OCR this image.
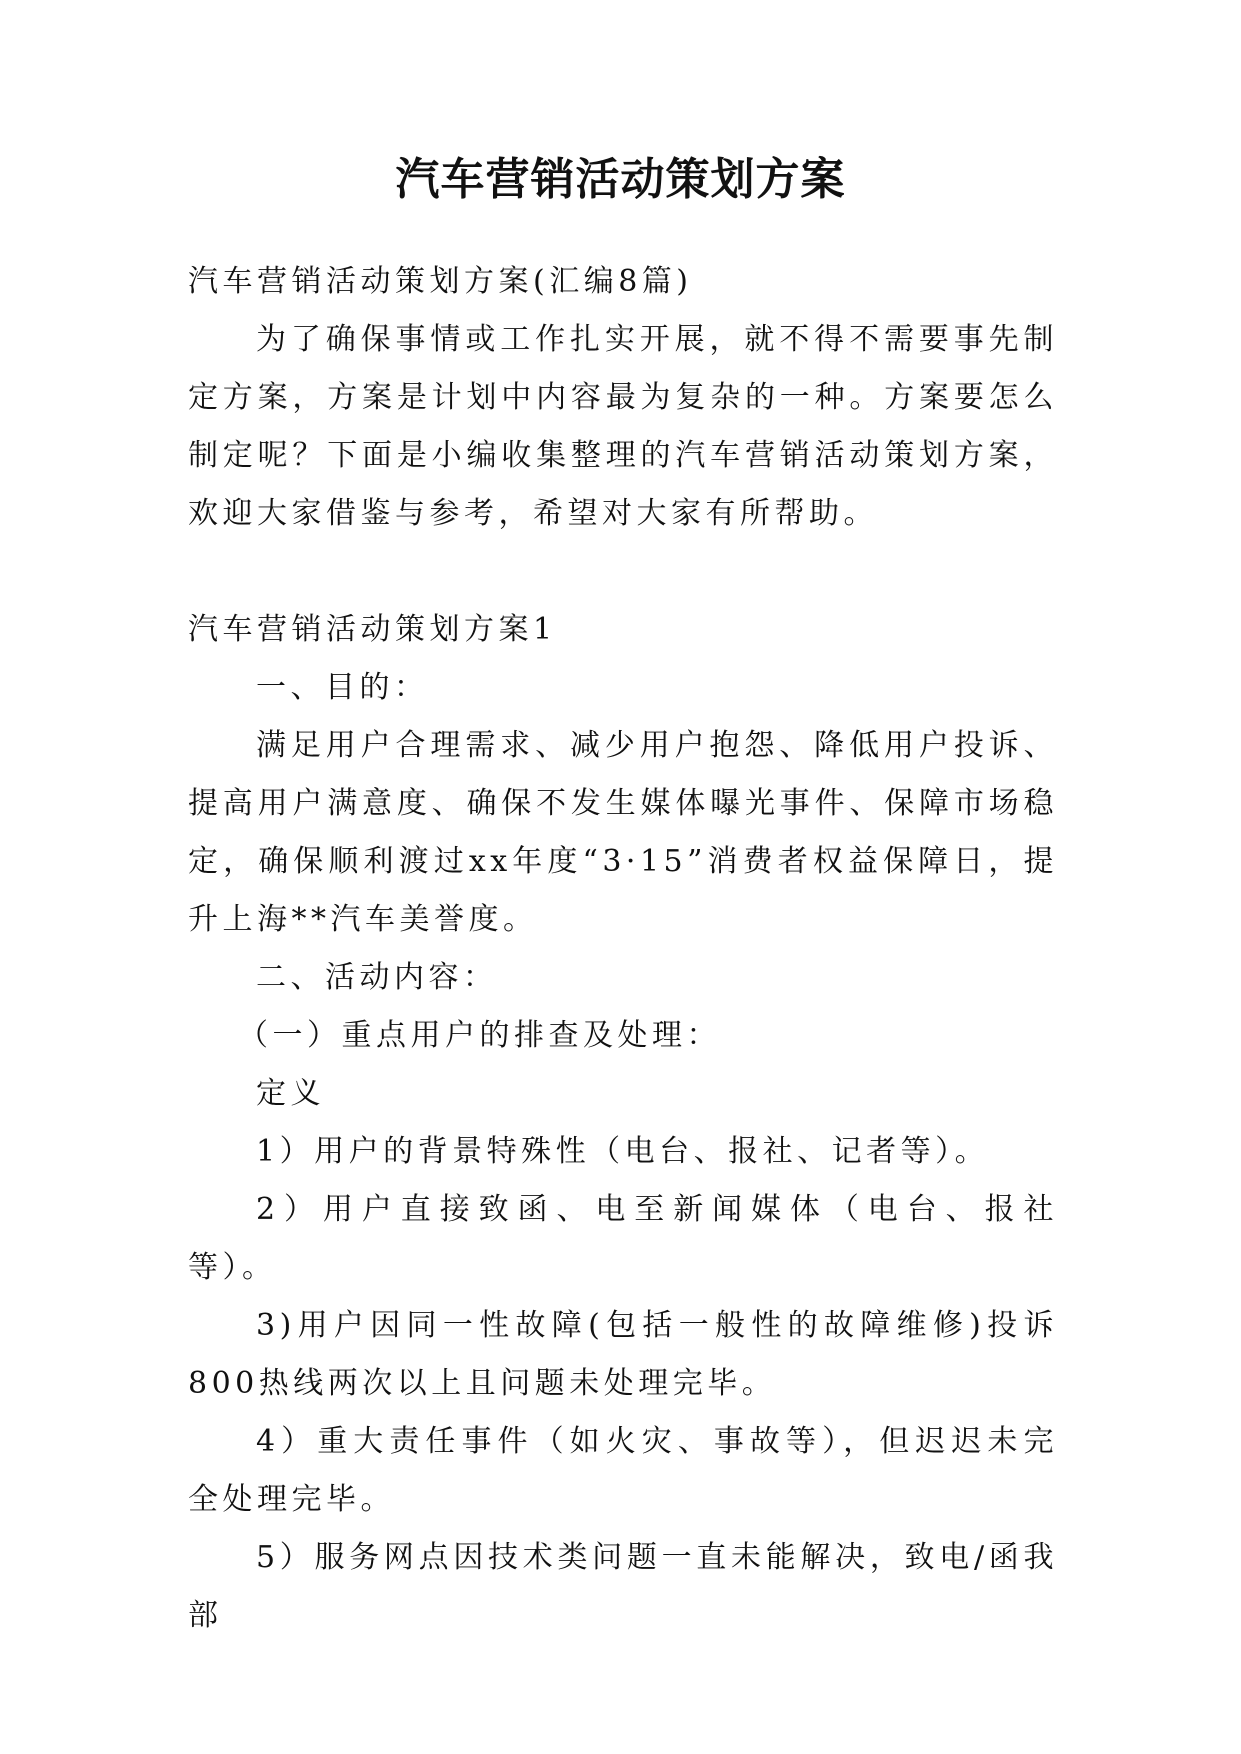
汽车营销活动策划方案

汽车营销活动策划方案(汇编8篇)

为了确保事情或工作扎实开展，就不得不需要事先制定方案，方案是计划中内容最为复杂的一种。方案要怎么制定呢？下面是小编收集整理的汽车营销活动策划方案，欢迎大家借鉴与参考，希望对大家有所帮助。

汽车营销活动策划方案1

一、目的：

满足用户合理需求、减少用户抱怨、降低用户投诉、提高用户满意度、确保不发生媒体曝光事件、保障市场稳定，确保顺利渡过xx年度“3·15”消费者权益保障日，提升上海**汽车美誉度。

二、活动内容：

（一）重点用户的排查及处理：

定义

1）用户的背景特殊性（电台、报社、记者等）。

2）用户直接致函、电至新闻媒体（电台、报社等）。

3)用户因同一性故障(包括一般性的故障维修)投诉800热线两次以上且问题未处理完毕。

4）重大责任事件（如火灾、事故等），但迟迟未完全处理完毕。

5）服务网点因技术类问题一直未能解决，致电/函我部
